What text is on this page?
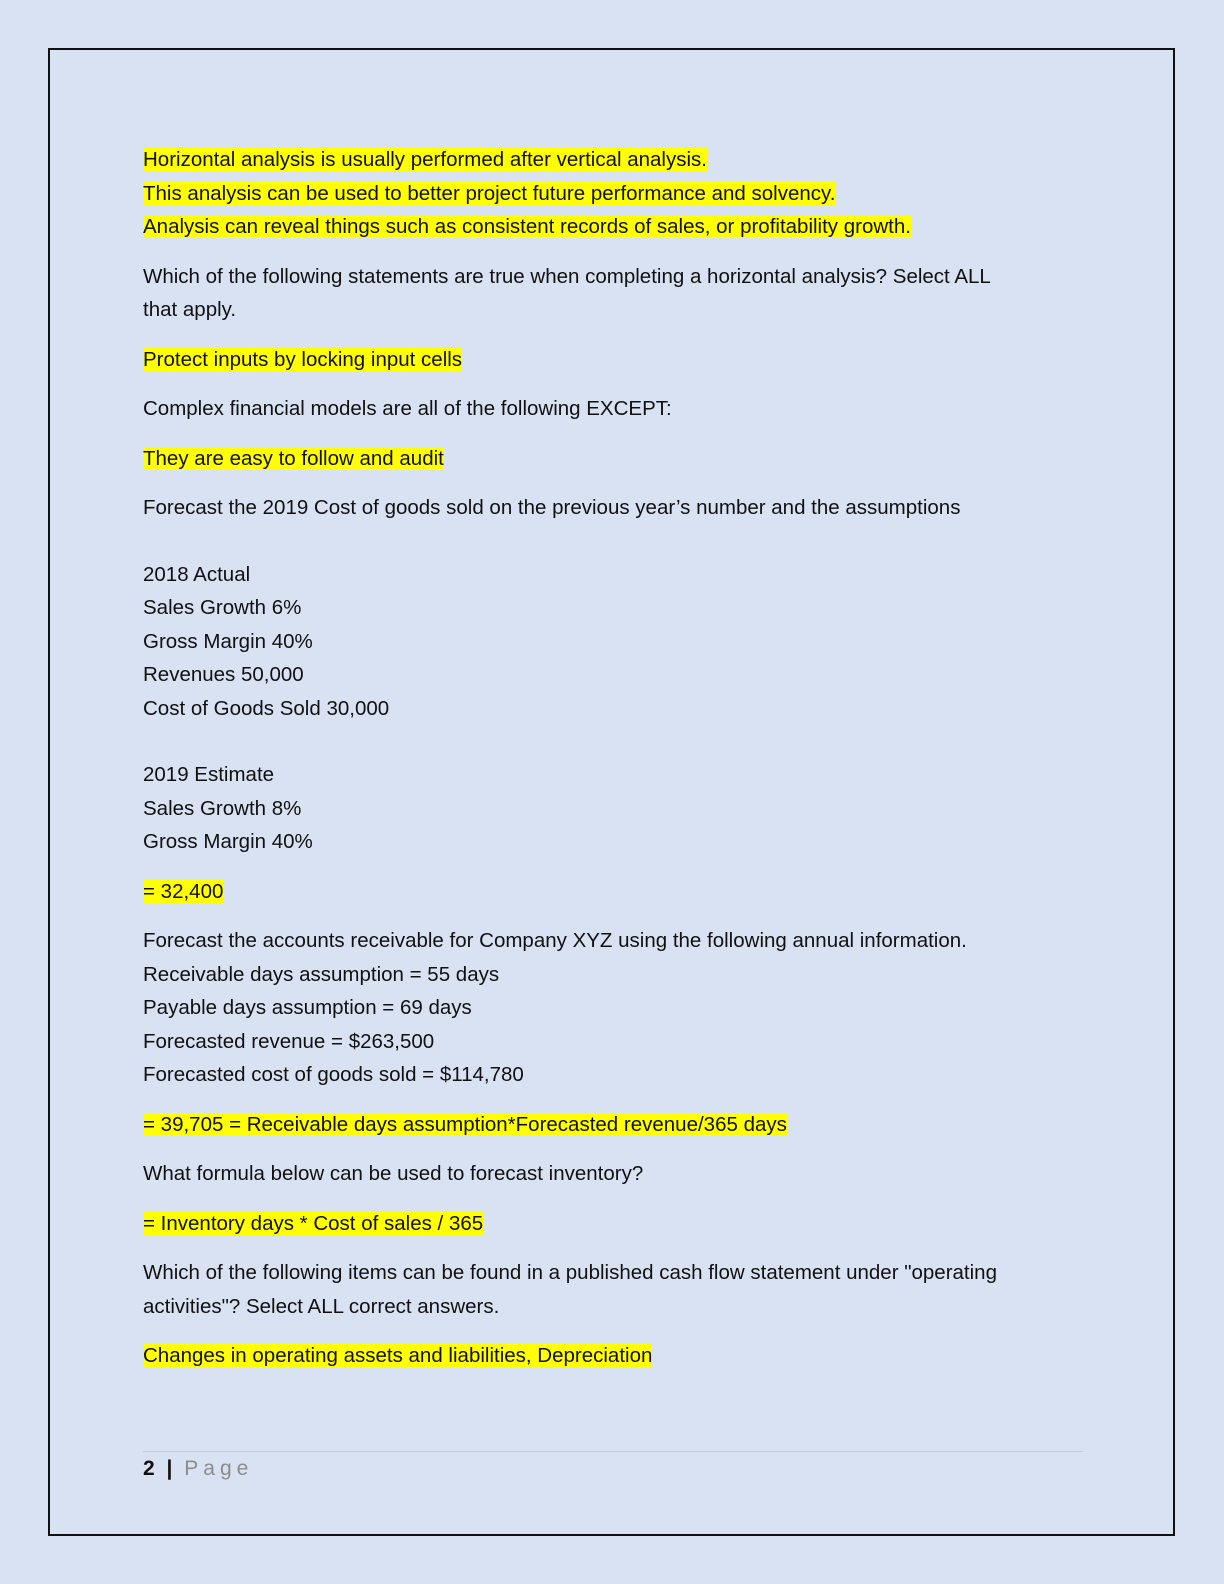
Horizontal analysis is usually performed after vertical analysis.
This analysis can be used to better project future performance and solvency.
Analysis can reveal things such as consistent records of sales, or profitability growth.
Which of the following statements are true when completing a horizontal analysis? Select ALL
that apply.
Protect inputs by locking input cells
Complex financial models are all of the following EXCEPT:
They are easy to follow and audit
Forecast the 2019 Cost of goods sold on the previous year’s number and the assumptions
2018 Actual
Sales Growth 6%
Gross Margin 40%
Revenues 50,000
Cost of Goods Sold 30,000
2019 Estimate
Sales Growth 8%
Gross Margin 40%
= 32,400
Forecast the accounts receivable for Company XYZ using the following annual information.
Receivable days assumption = 55 days
Payable days assumption = 69 days
Forecasted revenue = $263,500
Forecasted cost of goods sold = $114,780
= 39,705 = Receivable days assumption*Forecasted revenue/365 days
What formula below can be used to forecast inventory?
= Inventory days * Cost of sales / 365
Which of the following items can be found in a published cash flow statement under "operating
activities"? Select ALL correct answers.
Changes in operating assets and liabilities, Depreciation
2 | Page
